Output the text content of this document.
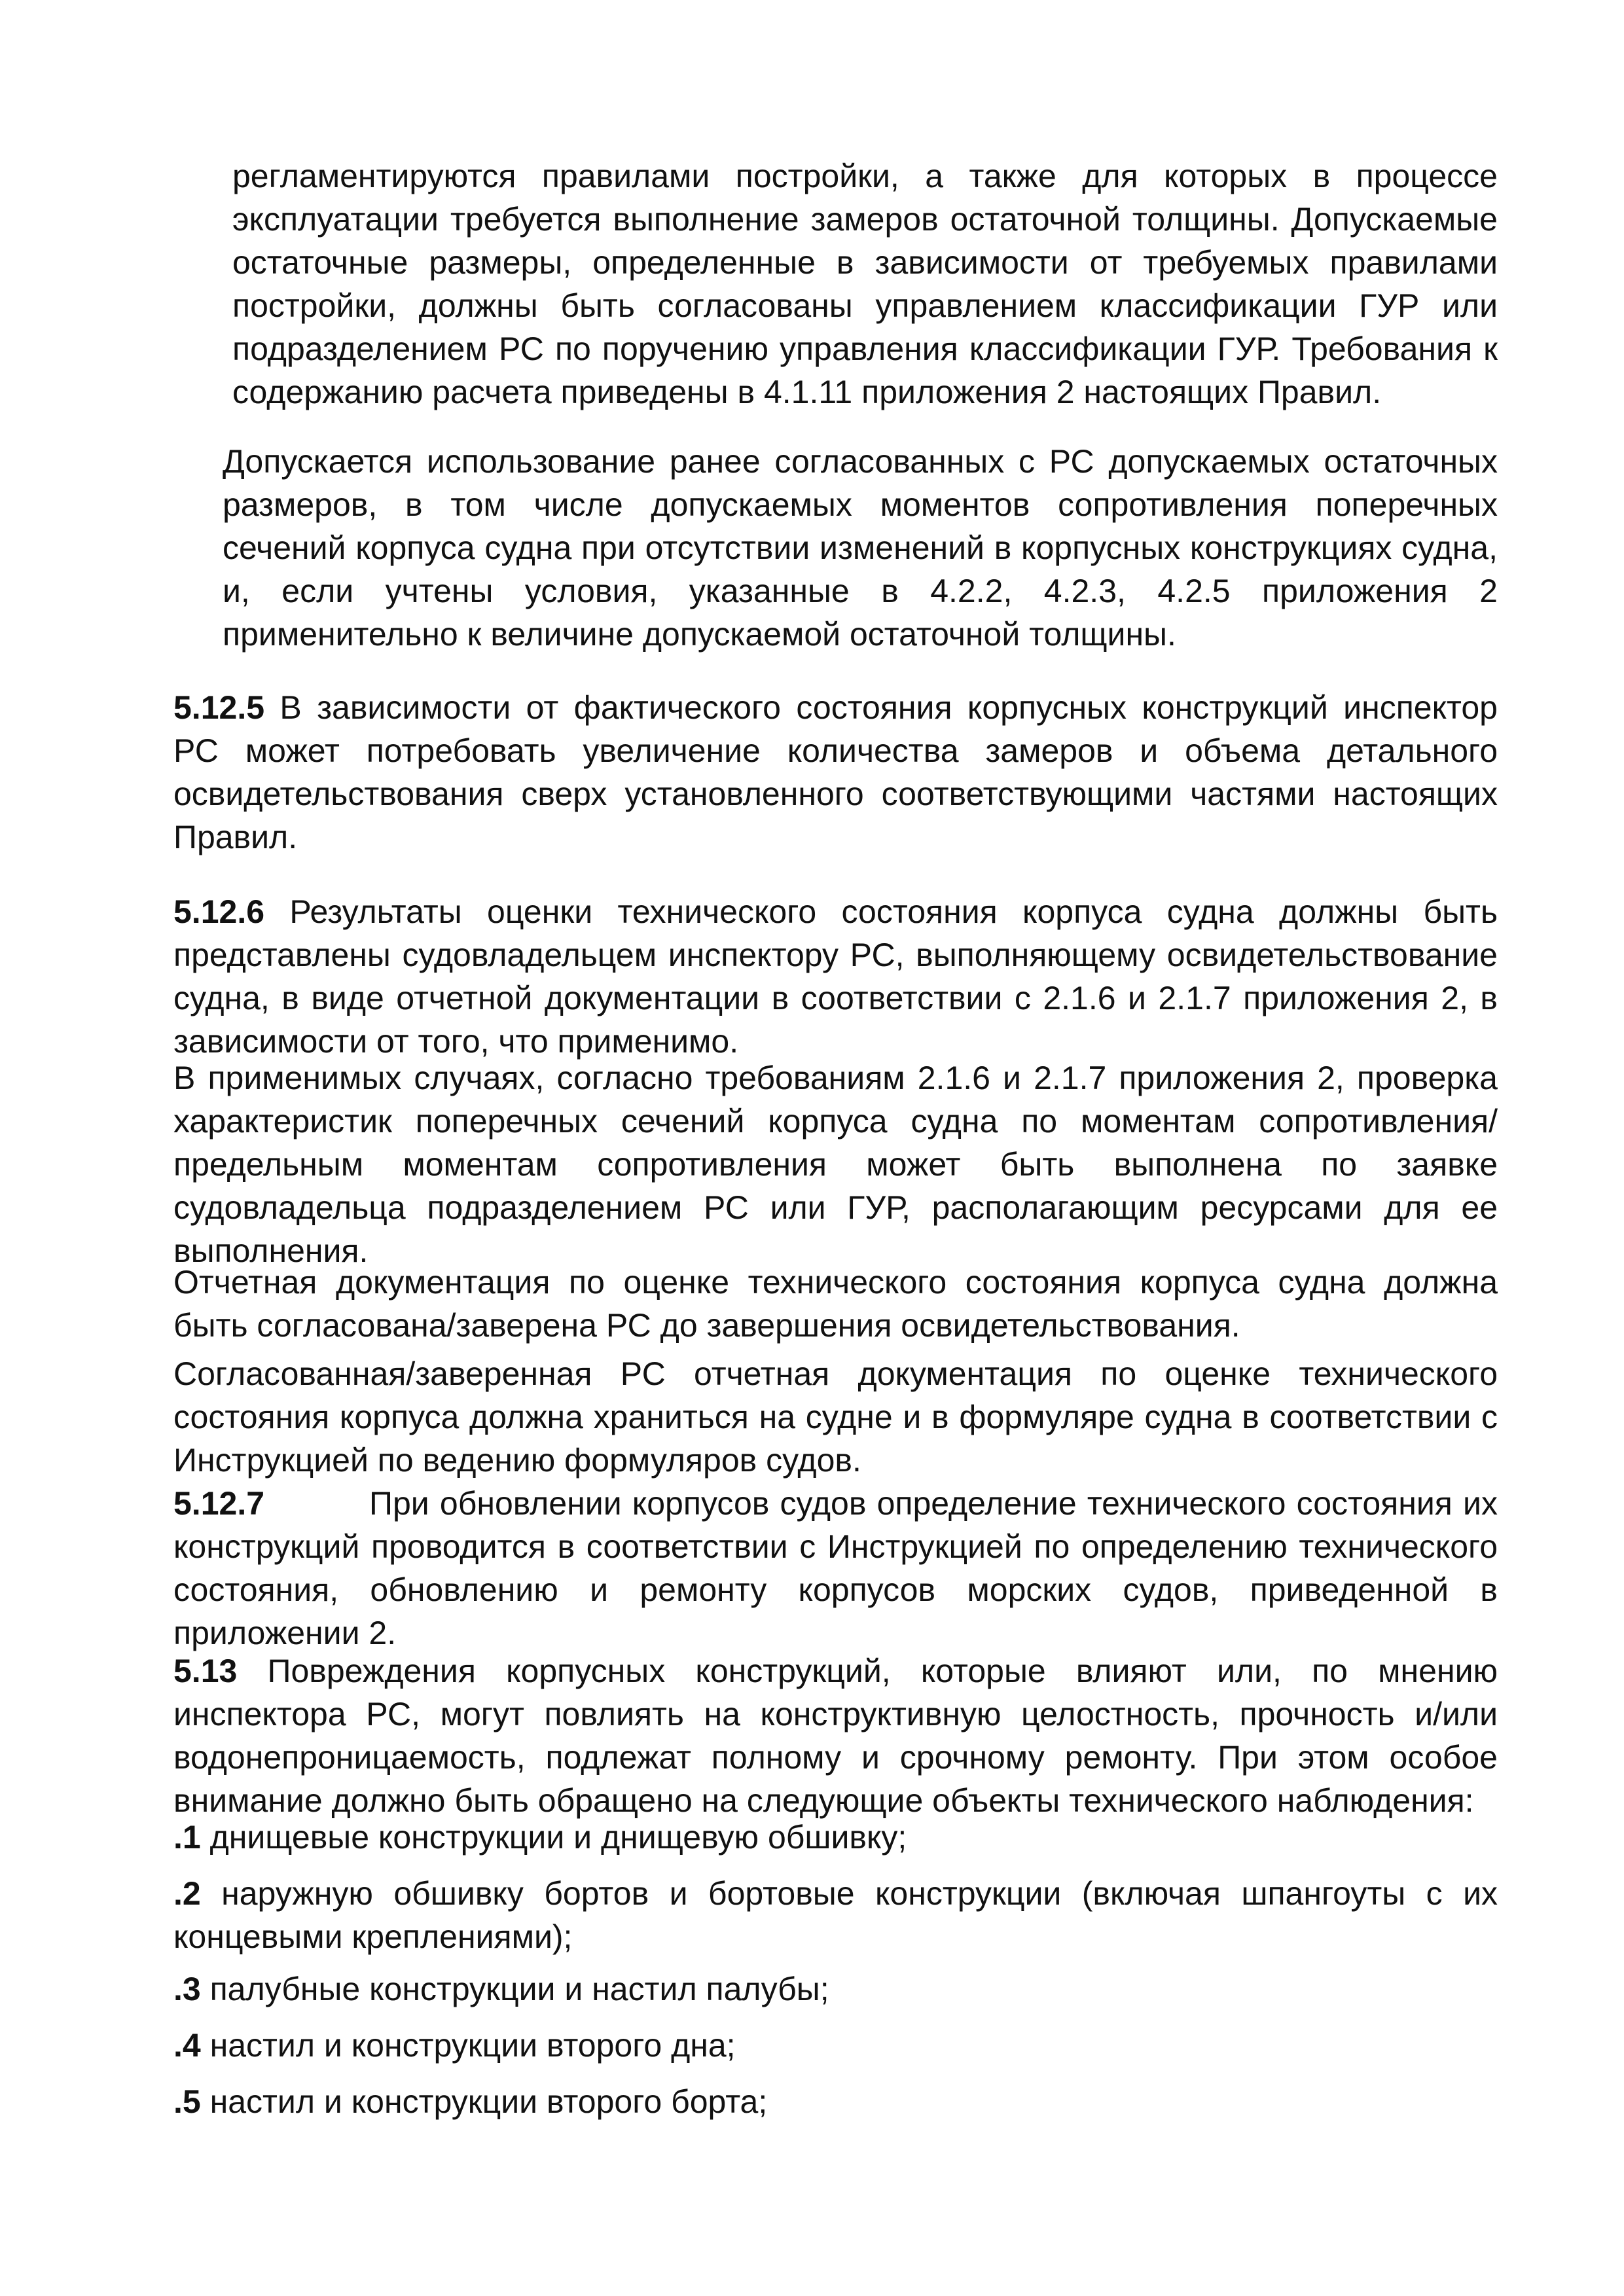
регламентируются правилами постройки, а также для которых в процессе эксплуатации требуется выполнение замеров остаточной толщины. Допускаемые остаточные размеры, определенные в зависимости от требуемых правилами постройки, должны быть согласованы управлением классификации ГУР или подразделением РС по поручению управления классификации ГУР. Требования к содержанию расчета приведены в 4.1.11 приложения 2 настоящих Правил.

Допускается использование ранее согласованных с РС допускаемых остаточных размеров, в том числе допускаемых моментов сопротивления поперечных сечений корпуса судна при отсутствии изменений в корпусных конструкциях судна, и, если учтены условия, указанные в 4.2.2, 4.2.3, 4.2.5 приложения 2 применительно к величине допускаемой остаточной толщины.

5.12.5 В зависимости от фактического состояния корпусных конструкций инспектор РС может потребовать увеличение количества замеров и объема детального освидетельствования сверх установленного соответствующими частями настоящих Правил.

5.12.6 Результаты оценки технического состояния корпуса судна должны быть представлены судовладельцем инспектору РС, выполняющему освидетельствование судна, в виде отчетной документации в соответствии с 2.1.6 и 2.1.7 приложения 2, в зависимости от того, что применимо.

В применимых случаях, согласно требованиям 2.1.6 и 2.1.7 приложения 2, проверка характеристик поперечных сечений корпуса судна по моментам сопротивления/предельным моментам сопротивления может быть выполнена по заявке судовладельца подразделением РС или ГУР, располагающим ресурсами для ее выполнения.

Отчетная документация по оценке технического состояния корпуса судна должна быть согласована/заверена РС до завершения освидетельствования.

Согласованная/заверенная РС отчетная документация по оценке технического состояния корпуса должна храниться на судне и в формуляре судна в соответствии с Инструкцией по ведению формуляров судов.

5.12.7	При обновлении корпусов судов определение технического состояния их конструкций проводится в соответствии с Инструкцией по определению технического состояния, обновлению и ремонту корпусов морских судов, приведенной в приложении 2.

5.13 Повреждения корпусных конструкций, которые влияют или, по мнению инспектора РС, могут повлиять на конструктивную целостность, прочность и/или водонепроницаемость, подлежат полному и срочному ремонту. При этом особое внимание должно быть обращено на следующие объекты технического наблюдения:

.1 днищевые конструкции и днищевую обшивку;

.2 наружную обшивку бортов и бортовые конструкции (включая шпангоуты с их концевыми креплениями);

.3 палубные конструкции и настил палубы;

.4 настил и конструкции второго дна;

.5 настил и конструкции второго борта;
